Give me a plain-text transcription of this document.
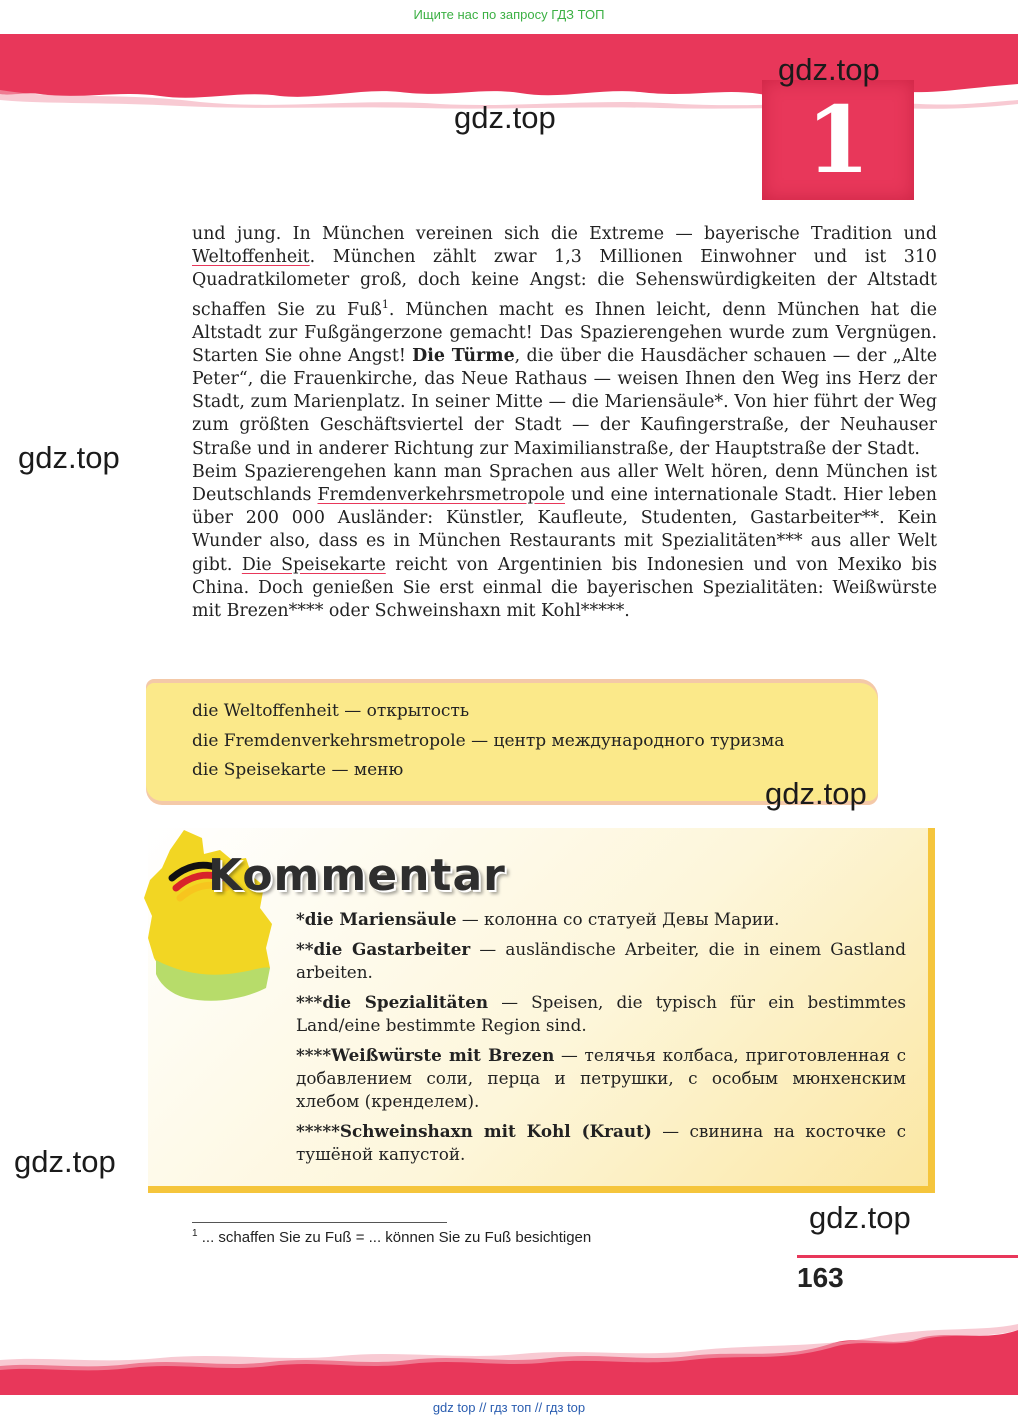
Ищите нас по запросу ГДЗ ТОП
1
gdz.top
gdz.top
gdz.top

und jung. In München vereinen sich die Extreme — bayerische Tradition und Weltoffenheit. München zählt zwar 1,3 Millionen Einwohner und ist 310 Quadratkilometer groß, doch keine Angst: die Sehenswürdigkeiten der Altstadt schaffen Sie zu Fuß$^1$. München macht es Ihnen leicht, denn München hat die Altstadt zur Fußgängerzone gemacht! Das Spazierengehen wurde zum Vergnügen. Starten Sie ohne Angst! Die Türme, die über die Hausdächer schauen — der „Alte Peter“, die Frauenkirche, das Neue Rathaus — weisen Ihnen den Weg ins Herz der Stadt, zum Marienplatz. In seiner Mitte — die Mariensäule*. Von hier führt der Weg zum größten Geschäftsviertel der Stadt — der Kaufingerstraße, der Neuhauser Straße und in anderer Richtung zur Maximilianstraße, der Hauptstraße der Stadt.

Beim Spazierengehen kann man Sprachen aus aller Welt hören, denn München ist Deutschlands Fremdenverkehrsmetropole und eine internationale Stadt. Hier leben über 200 000 Ausländer: Künstler, Kaufleute, Studenten, Gastarbeiter**. Kein Wunder also, dass es in München Restaurants mit Spezialitäten*** aus aller Welt gibt. Die Speisekarte reicht von Argentinien bis Indonesien und von Mexiko bis China. Doch genießen Sie erst einmal die bayerischen Spezialitäten: Weißwürste mit Brezen**** oder Schweinshaxn mit Kohl*****.

die Weltoffenheit — открытость
die Fremdenverkehrsmetropole — центр международного туризма
die Speisekarte — меню
gdz.top
Kommentar
*die Mariensäule — колонна со статуей Девы Марии.
**die Gastarbeiter — ausländische Arbeiter, die in einem Gastland arbeiten.
***die Spezialitäten — Speisen, die typisch für ein bestimmtes Land/eine bestimmte Region sind.
****Weißwürste mit Brezen — телячья колбаса, приготовленная с добавлением соли, перца и петрушки, с особым мюнхенским хлебом (кренделем).
*****Schweinshaxn mit Kohl (Kraut) — свинина на косточке с тушёной капустой.
gdz.top
gdz.top
$^1$ ... schaffen Sie zu Fuß = ... können Sie zu Fuß besichtigen
163
gdz top // гдз топ // гдз top
